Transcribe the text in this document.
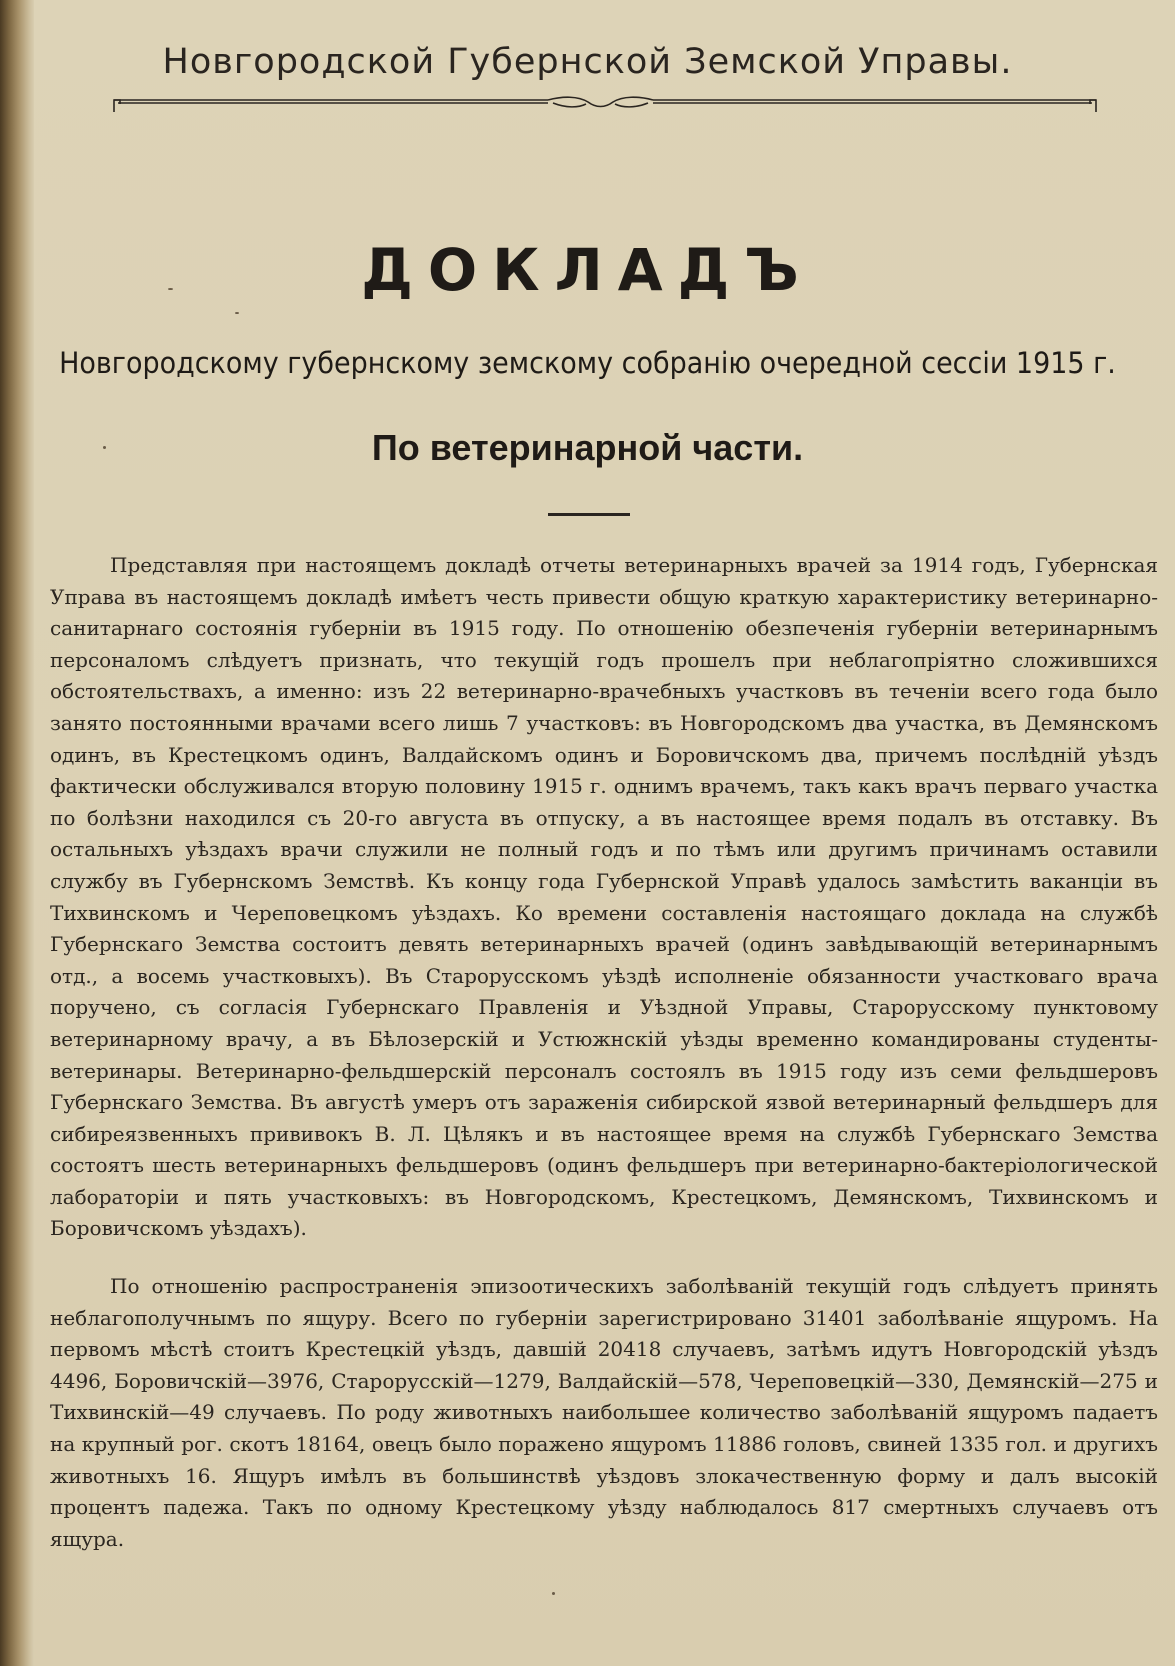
Новгородской Губернской Земской Управы.
ДОКЛАДЪ
Новгородскому губернскому земскому собранію очередной сессіи 1915 г.
По ветеринарной части.

Представляя при настоящемъ докладѣ отчеты ветеринарныхъ врачей за 1914 годъ, Губернская Управа въ настоящемъ докладѣ имѣетъ честь привести общую краткую характеристику ветеринарно-санитарнаго состоянія губерніи въ 1915 году. По отношенію обезпеченія губерніи ветеринарнымъ персоналомъ слѣдуетъ признать, что текущій годъ прошелъ при неблагопріятно сложившихся обстоятельствахъ, а именно: изъ 22 ветеринарно-врачебныхъ участковъ въ теченіи всего года было занято постоянными врачами всего лишь 7 участковъ: въ Новгородскомъ два участка, въ Демянскомъ одинъ, въ Крестецкомъ одинъ, Валдайскомъ одинъ и Боровичскомъ два, причемъ послѣдній уѣздъ фактически обслуживался вторую половину 1915 г. однимъ врачемъ, такъ какъ врачъ перваго участка по болѣзни находился съ 20-го августа въ отпуску, а въ настоящее время подалъ въ отставку. Въ остальныхъ уѣздахъ врачи служили не полный годъ и по тѣмъ или другимъ причинамъ оставили службу въ Губернскомъ Земствѣ. Къ концу года Губернской Управѣ удалось замѣстить ваканціи въ Тихвинскомъ и Череповецкомъ уѣздахъ. Ко времени составленія настоящаго доклада на службѣ Губернскаго Земства состоитъ девять ветеринарныхъ врачей (одинъ завѣдывающій ветеринарнымъ отд., а восемь участковыхъ). Въ Старорусскомъ уѣздѣ исполненіе обязанности участковаго врача поручено, съ согласія Губернскаго Правленія и Уѣздной Управы, Старорусскому пунктовому ветеринарному врачу, а въ Бѣлозерскій и Устюжнскій уѣзды временно командированы студенты-ветеринары. Ветеринарно-фельдшерскій персоналъ состоялъ въ 1915 году изъ семи фельдшеровъ Губернскаго Земства. Въ августѣ умеръ отъ зараженія сибирской язвой ветеринарный фельдшеръ для сибиреязвенныхъ прививокъ В. Л. Цѣлякъ и въ настоящее время на службѣ Губернскаго Земства состоятъ шесть ветеринарныхъ фельдшеровъ (одинъ фельдшеръ при ветеринарно-бактеріологической лабораторіи и пять участковыхъ: въ Новгородскомъ, Крестецкомъ, Демянскомъ, Тихвинскомъ и Боровичскомъ уѣздахъ).

По отношенію распространенія эпизоотическихъ заболѣваній текущій годъ слѣдуетъ принять неблагополучнымъ по ящуру. Всего по губерніи зарегистрировано 31401 заболѣваніе ящуромъ. На первомъ мѣстѣ стоитъ Крестецкій уѣздъ, давшій 20418 случаевъ, затѣмъ идутъ Новгородскій уѣздъ 4496, Боровичскій—3976, Старорусскій—1279, Валдайскій—578, Череповецкій—330, Демянскій—275 и Тихвинскій—49 случаевъ. По роду животныхъ наибольшее количество заболѣваній ящуромъ падаетъ на крупный рог. скотъ 18164, овецъ было поражено ящуромъ 11886 головъ, свиней 1335 гол. и другихъ животныхъ 16. Ящуръ имѣлъ въ большинствѣ уѣздовъ злокачественную форму и далъ высокій процентъ падежа. Такъ по одному Крестецкому уѣзду наблюдалось 817 смертныхъ случаевъ отъ ящура.
